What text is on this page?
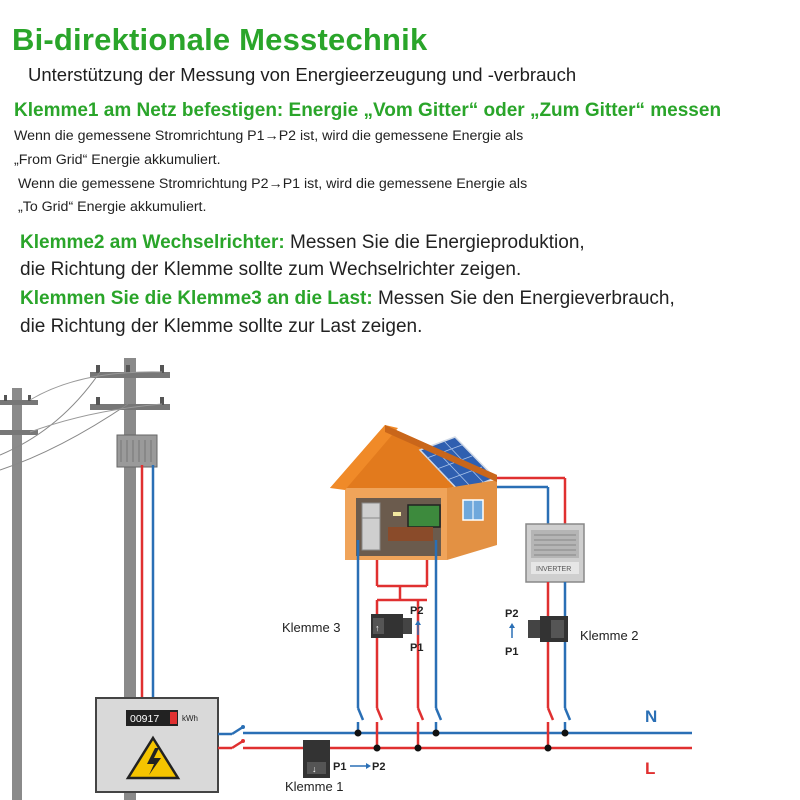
Bi-direktionale Messtechnik
Unterstützung der Messung von Energieerzeugung und -verbrauch
Klemme1 am Netz befestigen: Energie „Vom Gitter“ oder „Zum Gitter“ messen
Wenn die gemessene Stromrichtung P1→P2 ist, wird die gemessene Energie als
„From Grid“ Energie akkumuliert.
Wenn die gemessene Stromrichtung P2→P1 ist, wird die gemessene Energie als
„To Grid“ Energie akkumuliert.
Klemme2 am Wechselrichter: Messen Sie die Energieproduktion,
die Richtung der Klemme sollte zum Wechselrichter zeigen.
Klemmen Sie die Klemme3 an die Last: Messen Sie den Energieverbrauch,
die Richtung der Klemme sollte zur Last zeigen.
00917	kWh	N
L
↓ P1 P2
Klemme 1
↑
Klemme 3
P2
P1
INVERTER
P2
P1
Klemme 2
